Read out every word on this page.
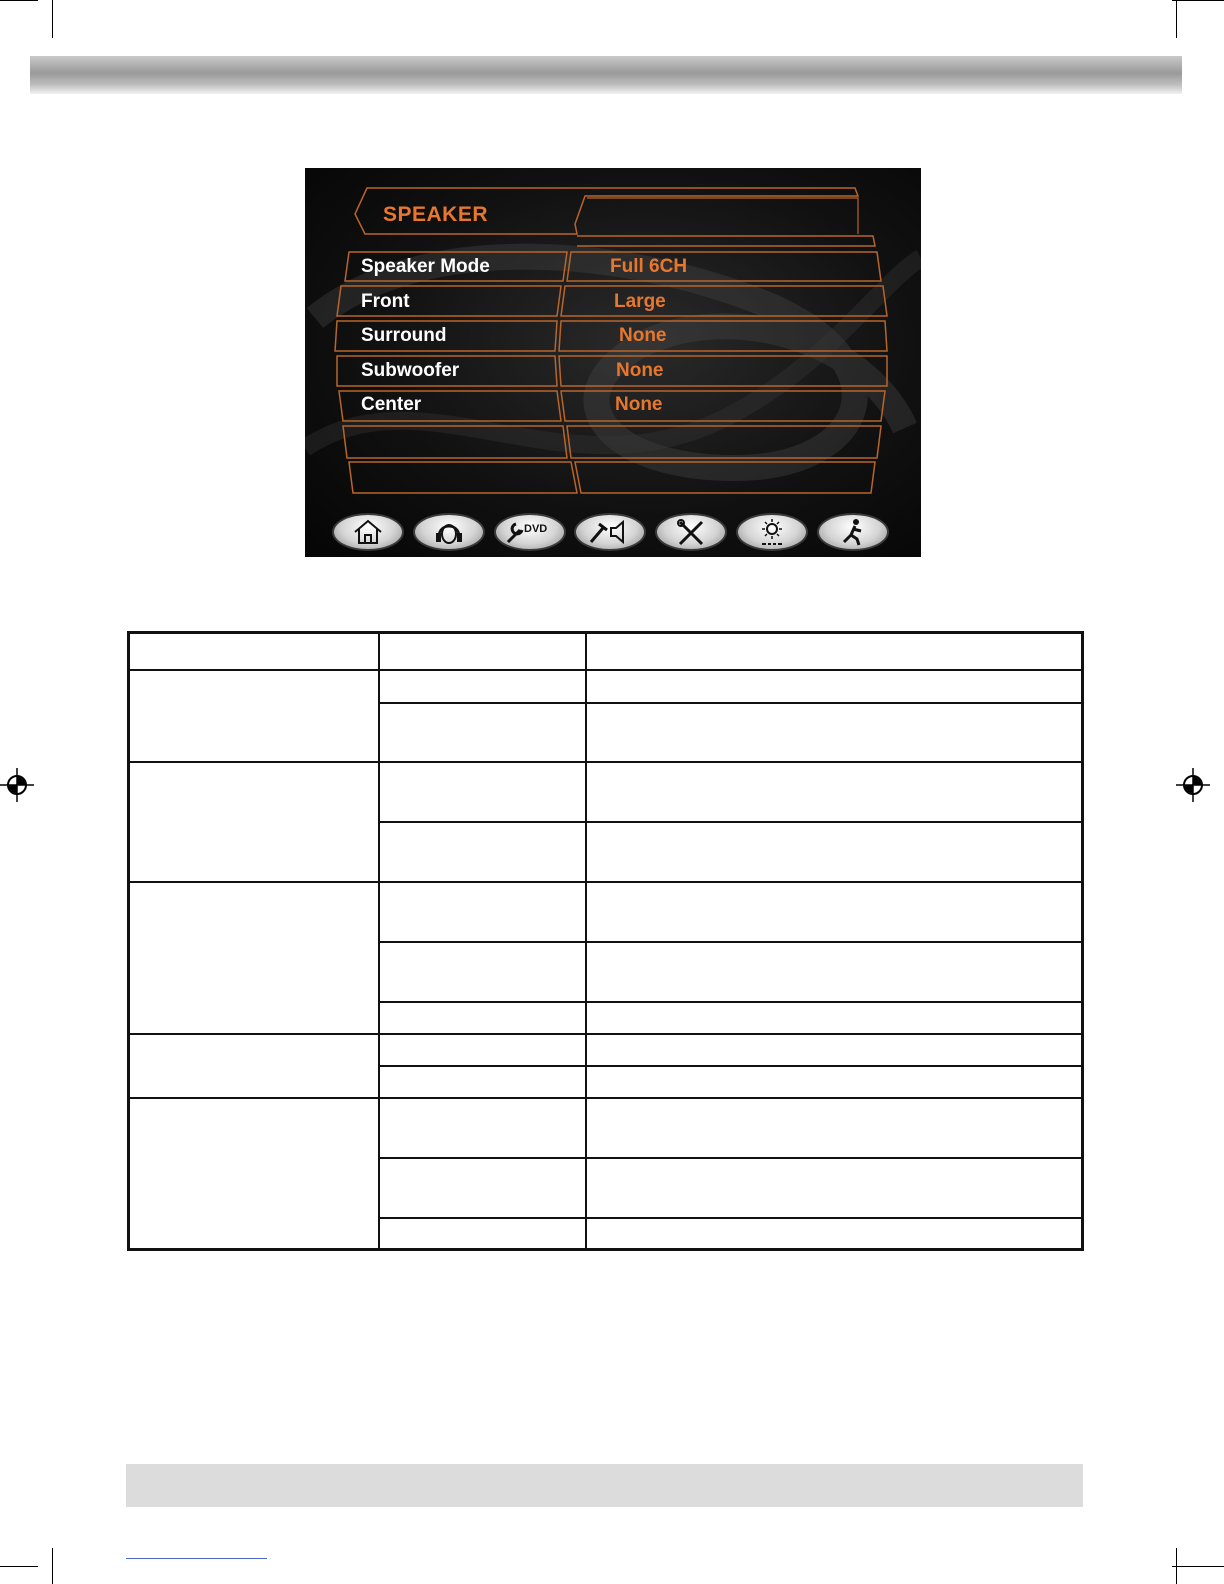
SPEAKER
Speaker Mode	Full 6CH
Front	Large
Surround	None
Subwoofer	None
Center	None
DVD
